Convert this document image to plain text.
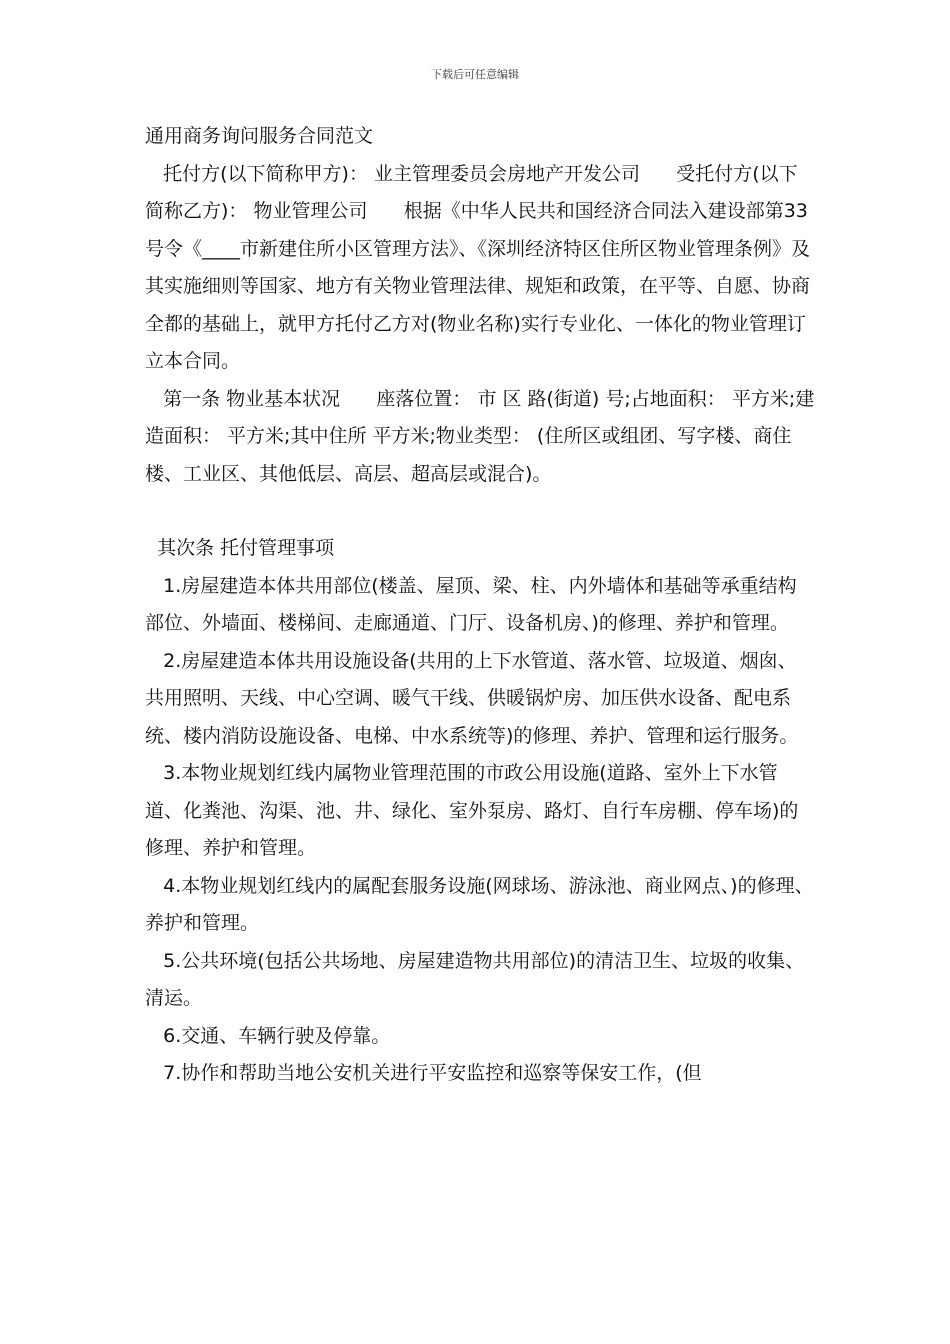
下载后可任意编辑

通用商务询问服务合同范文

托付方(以下简称甲方)： 业主管理委员会房地产开发公司      受托付方(以下简称乙方)： 物业管理公司      根据《中华人民共和国经济合同法入建设部第33号令《____市新建住所小区管理方法》、《深圳经济特区住所区物业管理条例》及其实施细则等国家、地方有关物业管理法律、规矩和政策，在平等、自愿、协商全都的基础上，就甲方托付乙方对(物业名称)实行专业化、一体化的物业管理订立本合同。

第一条 物业基本状况      座落位置： 市 区 路(街道) 号;占地面积： 平方米;建造面积： 平方米;其中住所 平方米;物业类型： (住所区或组团、写字楼、商住楼、工业区、其他低层、高层、超高层或混合)。

其次条 托付管理事项

1.房屋建造本体共用部位(楼盖、屋顶、梁、柱、内外墙体和基础等承重结构部位、外墙面、楼梯间、走廊通道、门厅、设备机房、)的修理、养护和管理。

2.房屋建造本体共用设施设备(共用的上下水管道、落水管、垃圾道、烟囱、共用照明、天线、中心空调、暖气干线、供暖锅炉房、加压供水设备、配电系统、楼内消防设施设备、电梯、中水系统等)的修理、养护、管理和运行服务。

3.本物业规划红线内属物业管理范围的市政公用设施(道路、室外上下水管道、化粪池、沟渠、池、井、绿化、室外泵房、路灯、自行车房棚、停车场)的修理、养护和管理。

4.本物业规划红线内的属配套服务设施(网球场、游泳池、商业网点、)的修理、养护和管理。

5.公共环境(包括公共场地、房屋建造物共用部位)的清洁卫生、垃圾的收集、清运。

6.交通、车辆行驶及停靠。

7.协作和帮助当地公安机关进行平安监控和巡察等保安工作，(但
